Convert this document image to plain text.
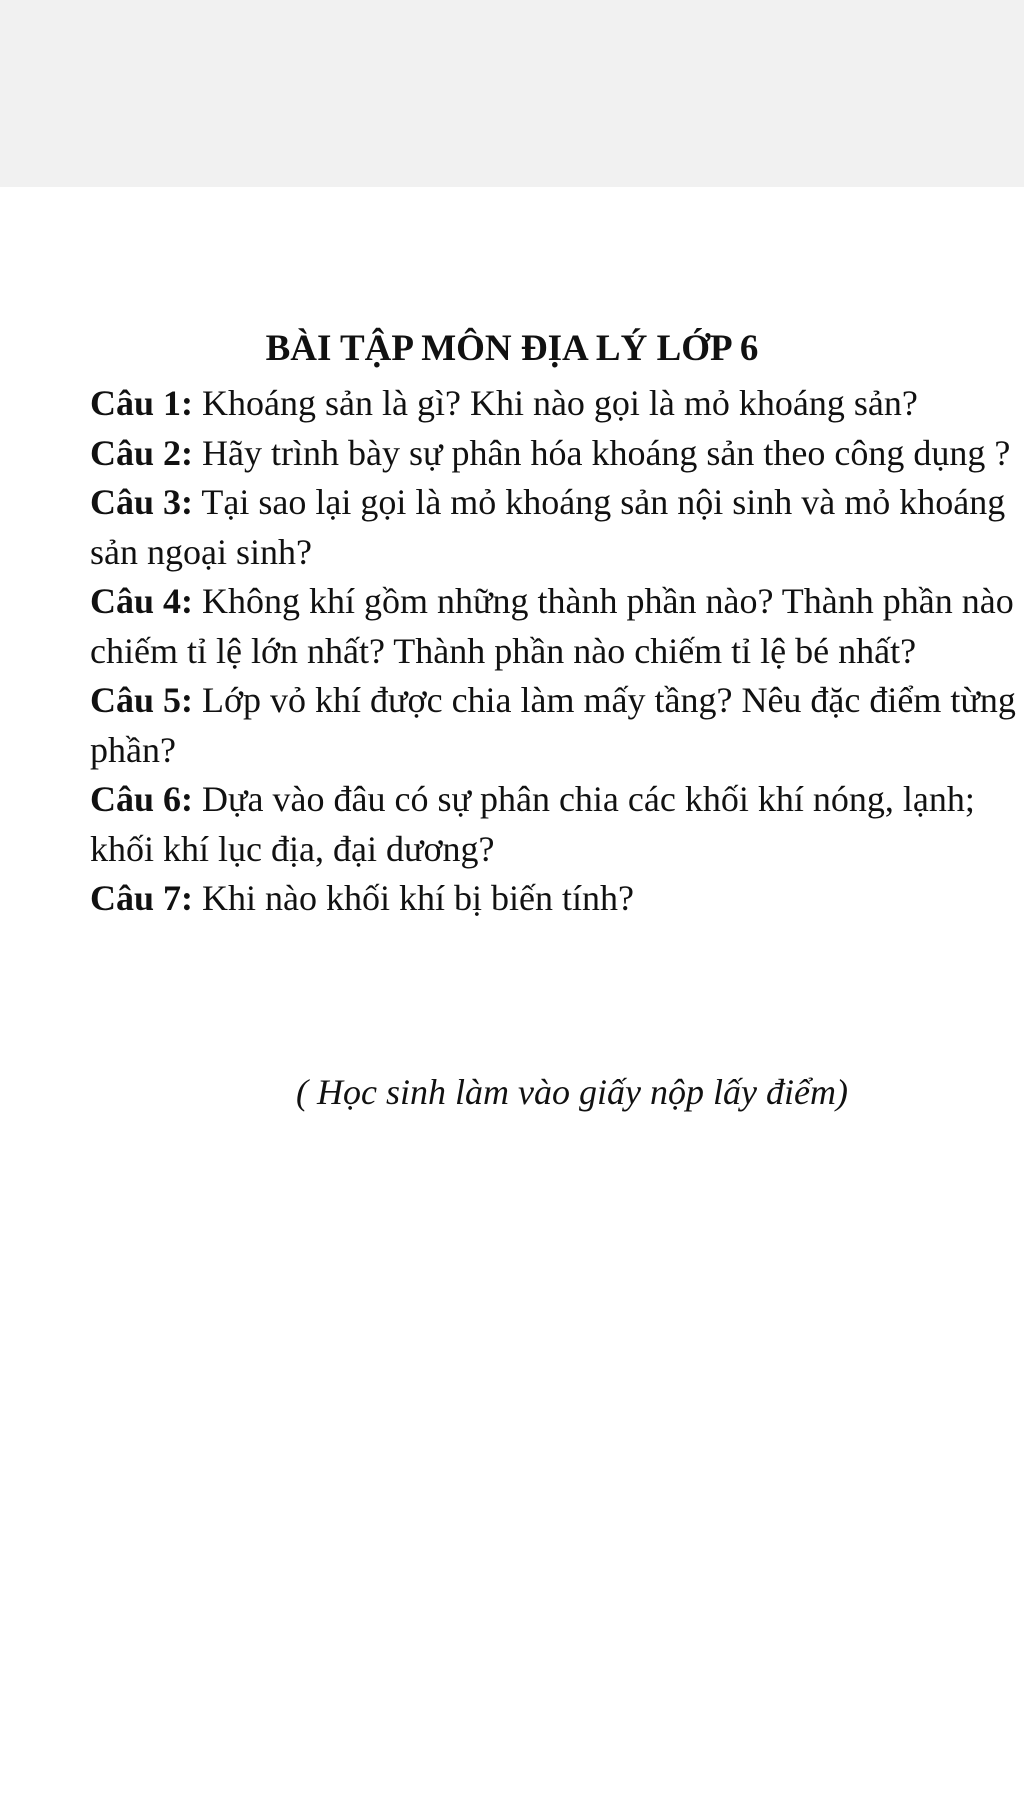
BÀI TẬP MÔN ĐỊA LÝ LỚP 6
Câu 1: Khoáng sản là gì? Khi nào gọi là mỏ khoáng sản?
Câu 2: Hãy trình bày sự phân hóa khoáng sản theo công dụng ?
Câu 3: Tại sao lại gọi là mỏ khoáng sản nội sinh và mỏ khoáng sản ngoại sinh?
Câu 4: Không khí gồm những thành phần nào? Thành phần nào chiếm tỉ lệ lớn nhất? Thành phần nào chiếm tỉ lệ bé nhất?
Câu 5: Lớp vỏ khí được chia làm mấy tầng? Nêu đặc điểm từng phần?
Câu 6: Dựa vào đâu có sự phân chia các khối khí nóng, lạnh; khối khí lục địa, đại dương?
Câu 7: Khi nào khối khí bị biến tính?
( Học sinh làm vào giấy nộp lấy điểm)
